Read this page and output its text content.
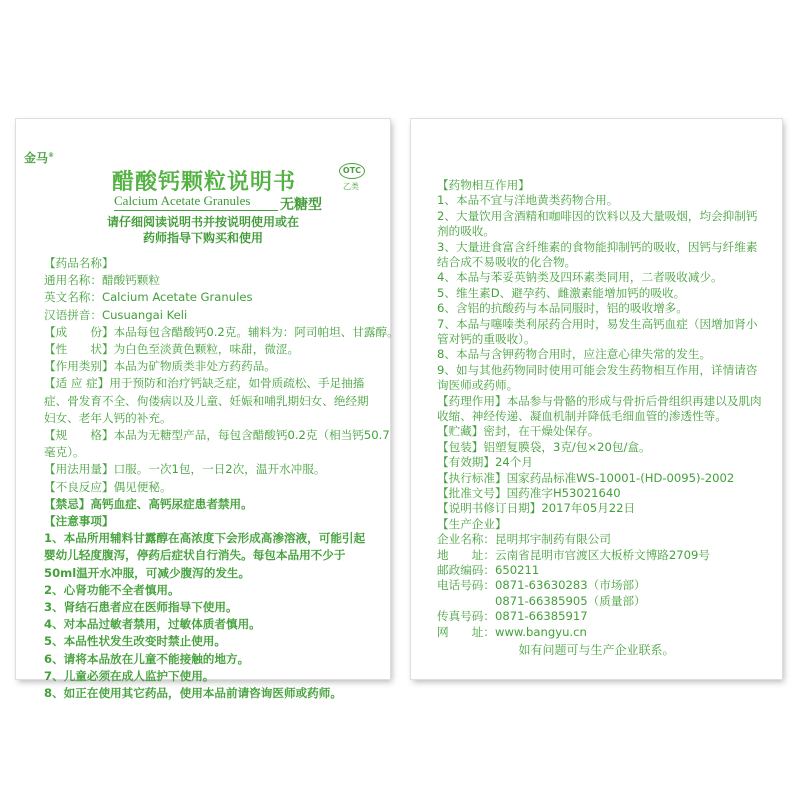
金马®
醋酸钙颗粒说明书	OTC
乙类
Calcium Acetate Granules 无糖型
请仔细阅读说明书并按说明使用或在
药师指导下购买和使用
【药品名称】
通用名称：醋酸钙颗粒
英文名称：Calcium Acetate Granules
汉语拼音：Cusuangai Keli
【成　　份】本品每包含醋酸钙0.2克。辅料为：阿司帕坦、甘露醇。
【性　　状】为白色至淡黄色颗粒，味甜，微涩。
【作用类别】本品为矿物质类非处方药药品。
【适 应 症】用于预防和治疗钙缺乏症，如骨质疏松、手足抽搐
症、骨发育不全、佝偻病以及儿童、妊娠和哺乳期妇女、绝经期
妇女、老年人钙的补充。
【规　　格】本品为无糖型产品，每包含醋酸钙0.2克（相当钙50.7
毫克）。
【用法用量】口服。一次1包，一日2次，温开水冲服。
【不良反应】偶见便秘。
【禁忌】高钙血症、高钙尿症患者禁用。
【注意事项】
1、本品所用辅料甘露醇在高浓度下会形成高渗溶液，可能引起
婴幼儿轻度腹泻，停药后症状自行消失。每包本品用不少于
50ml温开水冲服，可减少腹泻的发生。
2、心肾功能不全者慎用。
3、肾结石患者应在医师指导下使用。
4、对本品过敏者禁用，过敏体质者慎用。
5、本品性状发生改变时禁止使用。
6、请将本品放在儿童不能接触的地方。
7、儿童必须在成人监护下使用。
8、如正在使用其它药品，使用本品前请咨询医师或药师。
【药物相互作用】
1、本品不宜与洋地黄类药物合用。
2、大量饮用含酒精和咖啡因的饮料以及大量吸烟，均会抑制钙
剂的吸收。
3、大量进食富含纤维素的食物能抑制钙的吸收，因钙与纤维素
结合成不易吸收的化合物。
4、本品与苯妥英钠类及四环素类同用，二者吸收减少。
5、维生素D、避孕药、雌激素能增加钙的吸收。
6、含铝的抗酸药与本品同服时，铝的吸收增多。
7、本品与噻嗪类利尿药合用时，易发生高钙血症（因增加肾小
管对钙的重吸收）。
8、本品与含钾药物合用时，应注意心律失常的发生。
9、如与其他药物同时使用可能会发生药物相互作用，详情请咨
询医师或药师。
【药理作用】本品参与骨骼的形成与骨折后骨组织再建以及肌肉
收缩、神经传递、凝血机制并降低毛细血管的渗透性等。
【贮藏】密封，在干燥处保存。
【包装】铝塑复膜袋，3克/包×20包/盒。
【有效期】24个月
【执行标准】国家药品标准WS-10001-(HD-0095)-2002
【批准文号】国药准字H53021640
【说明书修订日期】2017年05月22日
【生产企业】
企业名称：昆明邦宇制药有限公司
地　　址：云南省昆明市官渡区大板桥文博路2709号
邮政编码：650211
电话号码：0871-63630283（市场部）
　　　　　0871-66385905（质量部）
传真号码：0871-66385917
网　　址：www.bangyu.cn
如有问题可与生产企业联系。
